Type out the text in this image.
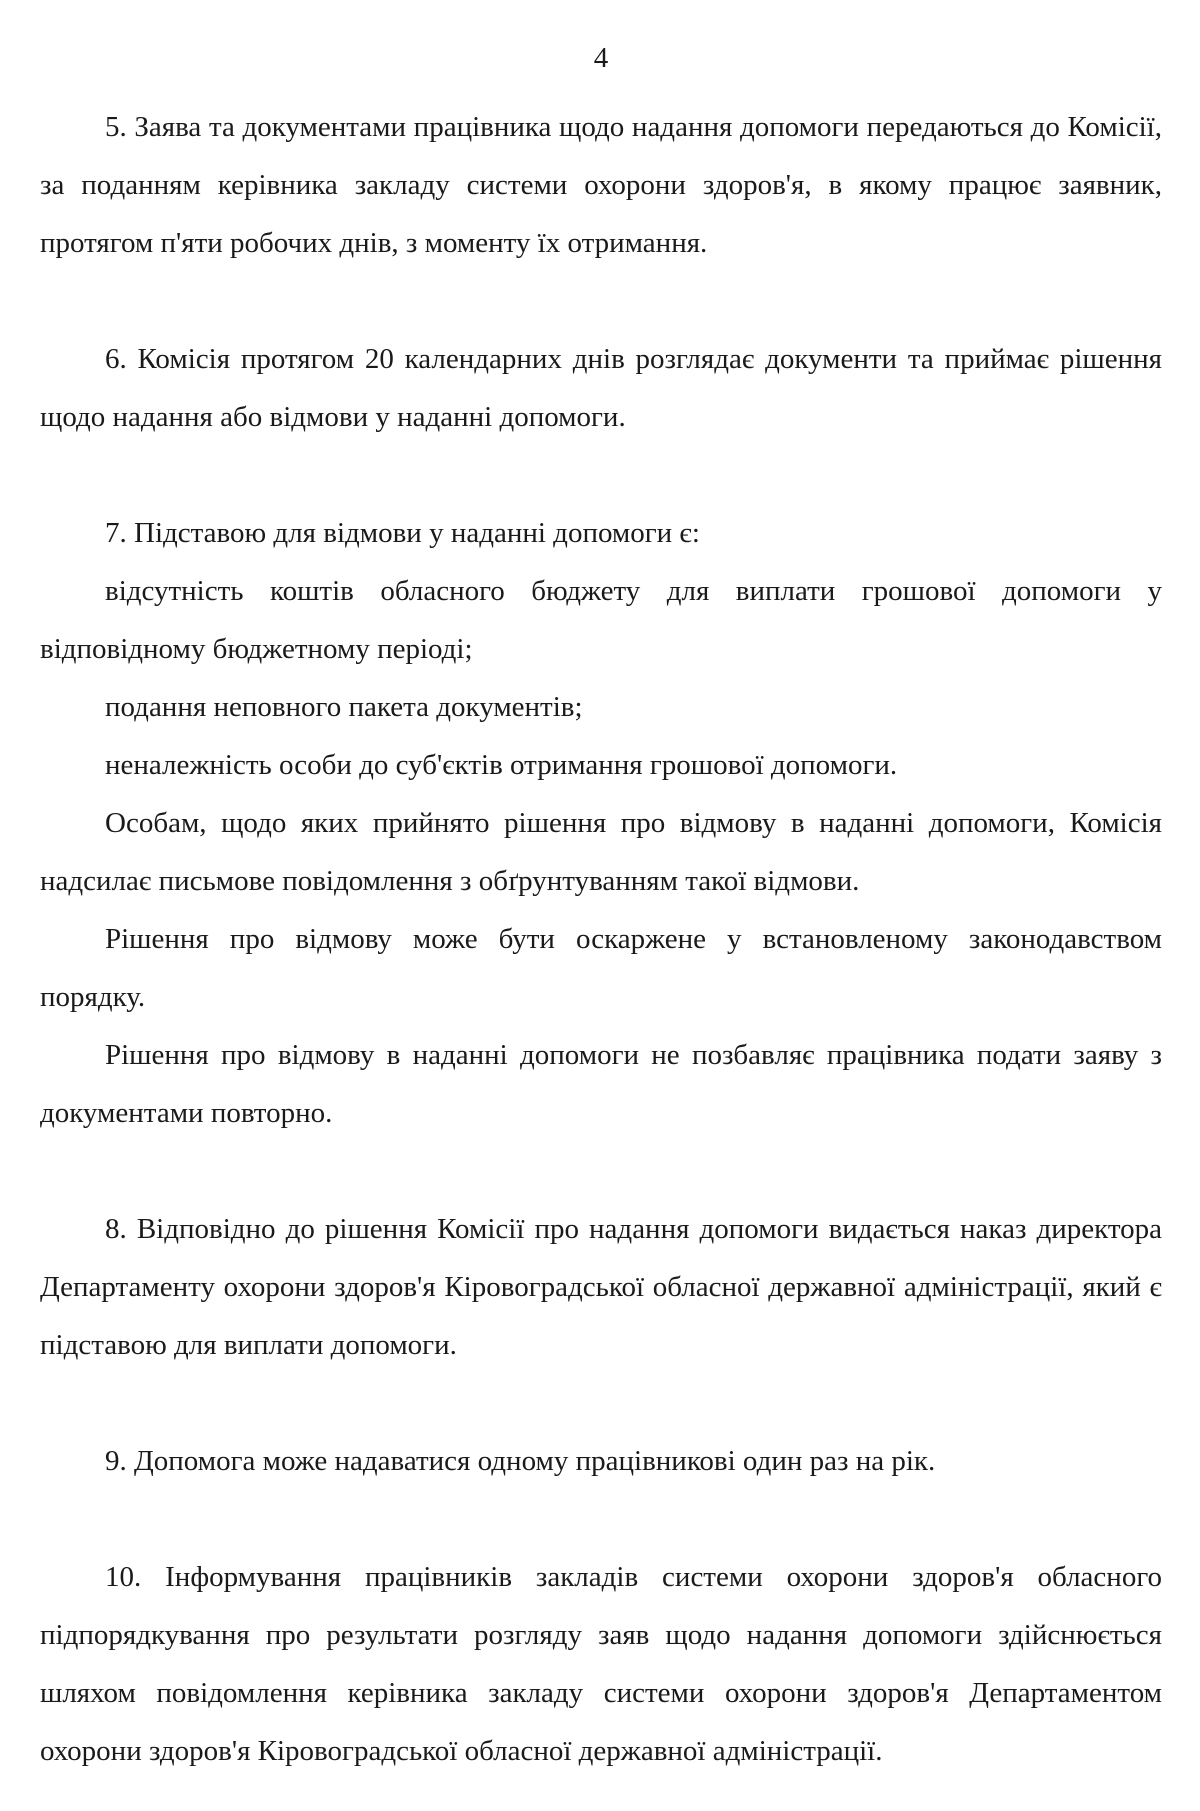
4

5. Заява та документами працівника щодо надання допомоги передаються до Комісії, за поданням керівника закладу системи охорони здоров'я, в якому працює заявник, протягом п'яти робочих днів, з моменту їх отримання.

6. Комісія протягом 20 календарних днів розглядає документи та приймає рішення щодо надання або відмови у наданні допомоги.

7. Підставою для відмови у наданні допомоги є:

відсутність коштів обласного бюджету для виплати грошової допомоги у відповідному бюджетному періоді;

подання неповного пакета документів;

неналежність особи до суб'єктів отримання грошової допомоги.

Особам, щодо яких прийнято рішення про відмову в наданні допомоги, Комісія надсилає письмове повідомлення з обґрунтуванням такої відмови.

Рішення про відмову може бути оскаржене у встановленому законодавством порядку.

Рішення про відмову в наданні допомоги не позбавляє працівника подати заяву з документами повторно.

8. Відповідно до рішення Комісії про надання допомоги видається наказ директора Департаменту охорони здоров'я Кіровоградської обласної державної адміністрації, який є підставою для виплати допомоги.

9. Допомога може надаватися одному працівникові один раз на рік.

10. Інформування працівників закладів системи охорони здоров'я обласного підпорядкування про результати розгляду заяв щодо надання допомоги здійснюється шляхом повідомлення керівника закладу системи охорони здоров'я Департаментом охорони здоров'я Кіровоградської обласної державної адміністрації.
